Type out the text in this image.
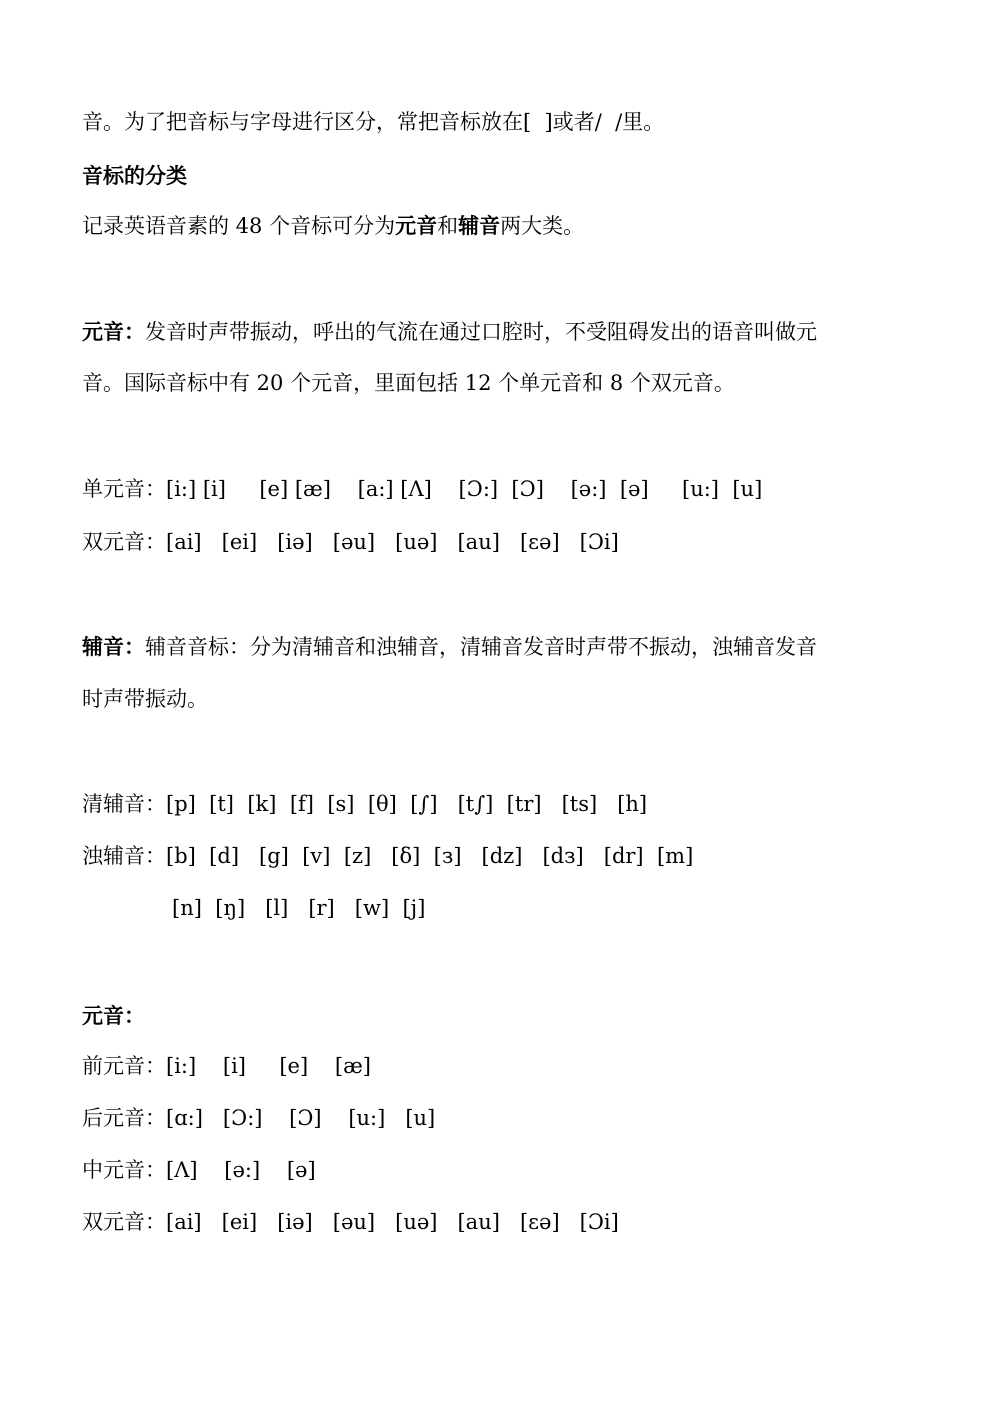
音。为了把音标与字母进行区分，常把音标放在[  ]或者/  /里。
音标的分类
记录英语音素的 48 个音标可分为元音和辅音两大类。
元音：发音时声带振动，呼出的气流在通过口腔时，不受阻碍发出的语音叫做元
音。国际音标中有 20 个元音，里面包括 12 个单元音和 8 个双元音。
单元音：[i:] [i]     [e] [æ]    [a:] [Λ]    [Ɔ:]  [Ɔ]    [ə:]  [ə]     [u:]  [u]
双元音：[ai]   [ei]   [iə]   [əu]   [uə]   [au]   [εə]   [Ɔi]
辅音：辅音音标：分为清辅音和浊辅音，清辅音发音时声带不振动，浊辅音发音
时声带振动。
清辅音：[p]  [t]  [k]  [f]  [s]  [θ]  [∫]   [t∫]  [tr]   [ts]   [h]
浊辅音：[b]  [d]   [g]  [v]  [z]   [δ]  [з]   [dz]   [dз]   [dr]  [m]
[n]  [ŋ]   [l]   [r]   [w]  [j]
元音：
前元音：[i:]    [i]     [e]    [æ]
后元音：[ɑ:]   [Ɔ:]    [Ɔ]    [u:]   [u]
中元音：[Λ]    [ə:]    [ə]
双元音：[ai]   [ei]   [iə]   [əu]   [uə]   [au]   [εə]   [Ɔi]
